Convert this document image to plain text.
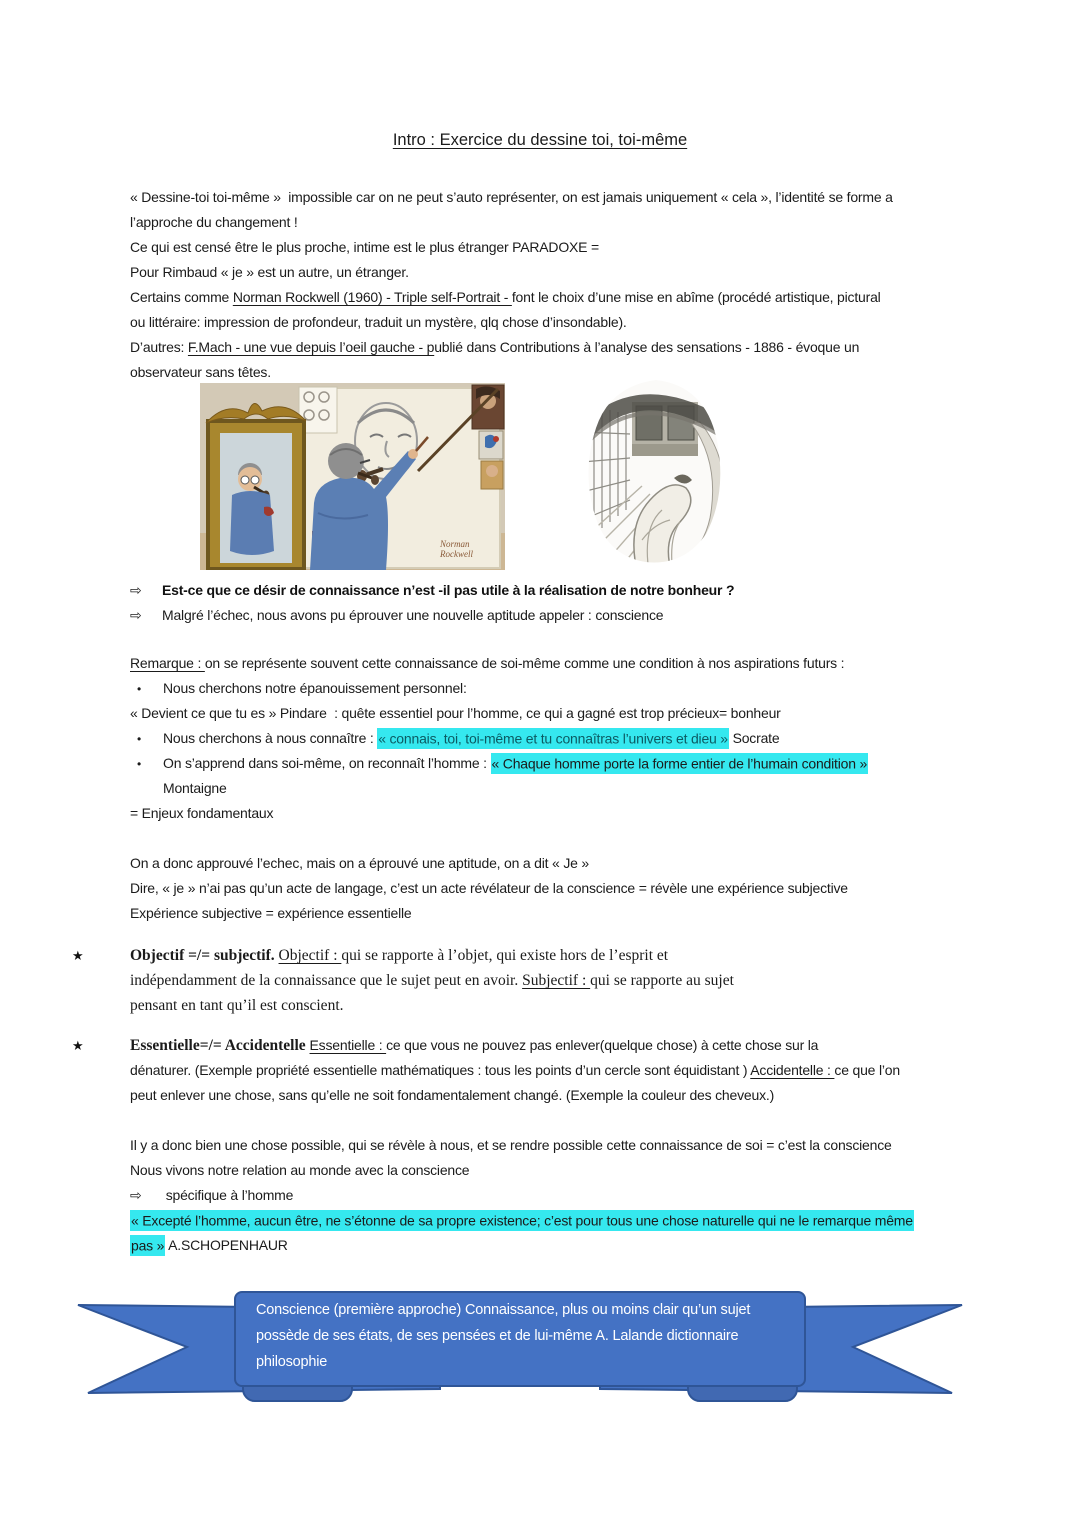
Intro : Exercice du dessine toi, toi-même
« Dessine-toi toi-même »  impossible car on ne peut s’auto représenter, on est jamais uniquement « cela », l’identité se forme a
l’approche du changement !
Ce qui est censé être le plus proche, intime est le plus étranger PARADOXE =
Pour Rimbaud « je » est un autre, un étranger.
Certains comme Norman Rockwell (1960) - Triple self-Portrait - font le choix d’une mise en abîme (procédé artistique, pictural
ou littéraire: impression de profondeur, traduit un mystère, qlq chose d’insondable).
D’autres: F.Mach - une vue depuis l’oeil gauche - publié dans Contributions à l’analyse des sensations - 1886 - évoque un
observateur sans têtes.
Norman
Rockwell
⇨ Est-ce que ce désir de connaissance n’est -il pas utile à la réalisation de notre bonheur ?
⇨ Malgré l’échec, nous avons pu éprouver une nouvelle aptitude appeler : conscience
Remarque : on se représente souvent cette connaissance de soi-même comme une condition à nos aspirations futurs :
• Nous cherchons notre épanouissement personnel:
« Devient ce que tu es » Pindare  : quête essentiel pour l’homme, ce qui a gagné est trop précieux= bonheur
• Nous cherchons à nous connaître : « connais, toi, toi-même et tu connaîtras l’univers et dieu » Socrate
• On s’apprend dans soi-même, on reconnaît l’homme : « Chaque homme porte la forme entier de l’humain condition »
Montaigne
= Enjeux fondamentaux
On a donc approuvé l’echec, mais on a éprouvé une aptitude, on a dit « Je »
Dire, « je » n’ai pas qu’un acte de langage, c’est un acte révélateur de la conscience = révèle une expérience subjective
Expérience subjective = expérience essentielle
★	Objectif =/= subjectif. Objectif : qui se rapporte à l’objet, qui existe hors de l’esprit et
indépendamment de la connaissance que le sujet peut en avoir. Subjectif : qui se rapporte au sujet
pensant en tant qu’il est conscient.
★	Essentielle=/= Accidentelle Essentielle : ce que vous ne pouvez pas enlever(quelque chose) à cette chose sur la
dénaturer. (Exemple propriété essentielle mathématiques : tous les points d’un cercle sont équidistant ) Accidentelle : ce que l’on
peut enlever une chose, sans qu’elle ne soit fondamentalement changé. (Exemple la couleur des cheveux.)
Il y a donc bien une chose possible, qui se révèle à nous, et se rendre possible cette connaissance de soi = c’est la conscience
Nous vivons notre relation au monde avec la conscience
⇨ spécifique à l’homme
« Excepté l’homme, aucun être, ne s’étonne de sa propre existence; c’est pour tous une chose naturelle qui ne le remarque même
pas » A.SCHOPENHAUR
Conscience (première approche) Connaissance, plus ou moins clair qu’un sujet
possède de ses états, de ses pensées et de lui-même A. Lalande dictionnaire
philosophie
